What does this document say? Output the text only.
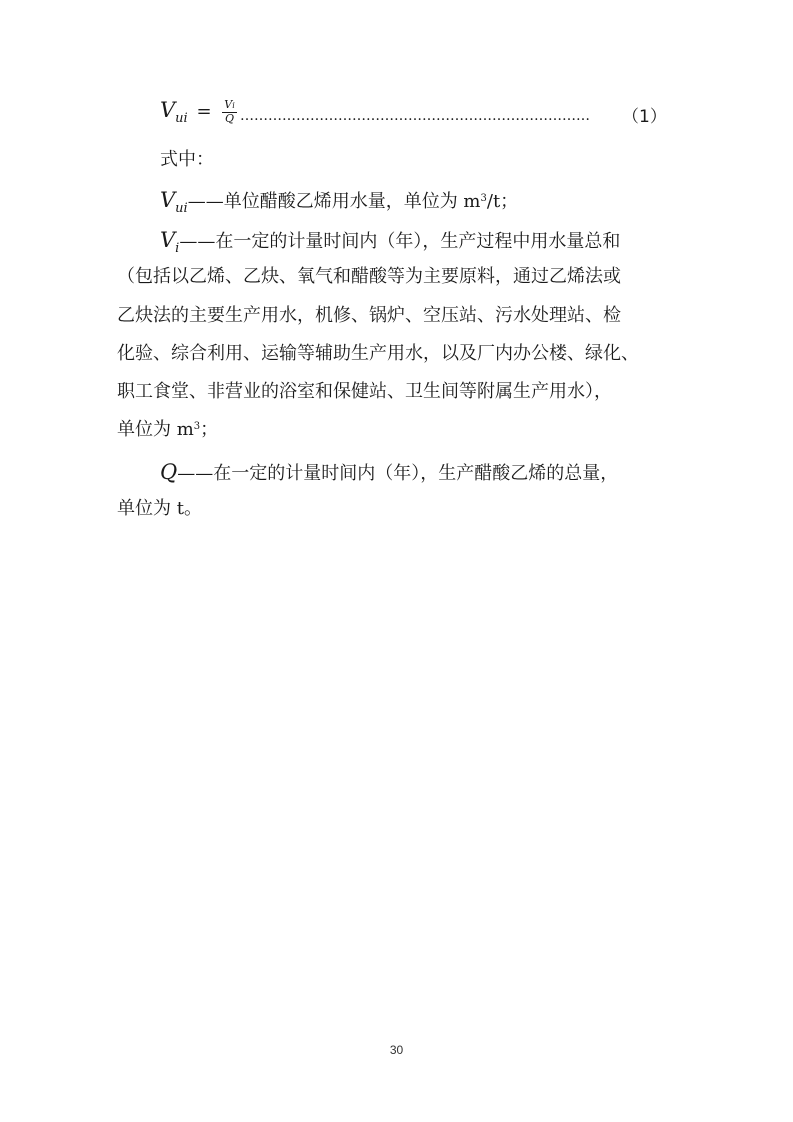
$V_{ui} = \frac{Vi}{Q}$ …………………………………………………………………	（1）
式中：
$V_{ui}——$单位醋酸乙烯用水量，单位为 $m^3/t$；
$V_i——$在一定的计量时间内（年），生产过程中用水量总和
（包括以乙烯、乙炔、氧气和醋酸等为主要原料，通过乙烯法或
乙炔法的主要生产用水，机修、锅炉、空压站、污水处理站、检
化验、综合利用、运输等辅助生产用水，以及厂内办公楼、绿化、
职工食堂、非营业的浴室和保健站、卫生间等附属生产用水），
单位为 $m^3$；
Q——在一定的计量时间内（年），生产醋酸乙烯的总量，
单位为 t。
30
